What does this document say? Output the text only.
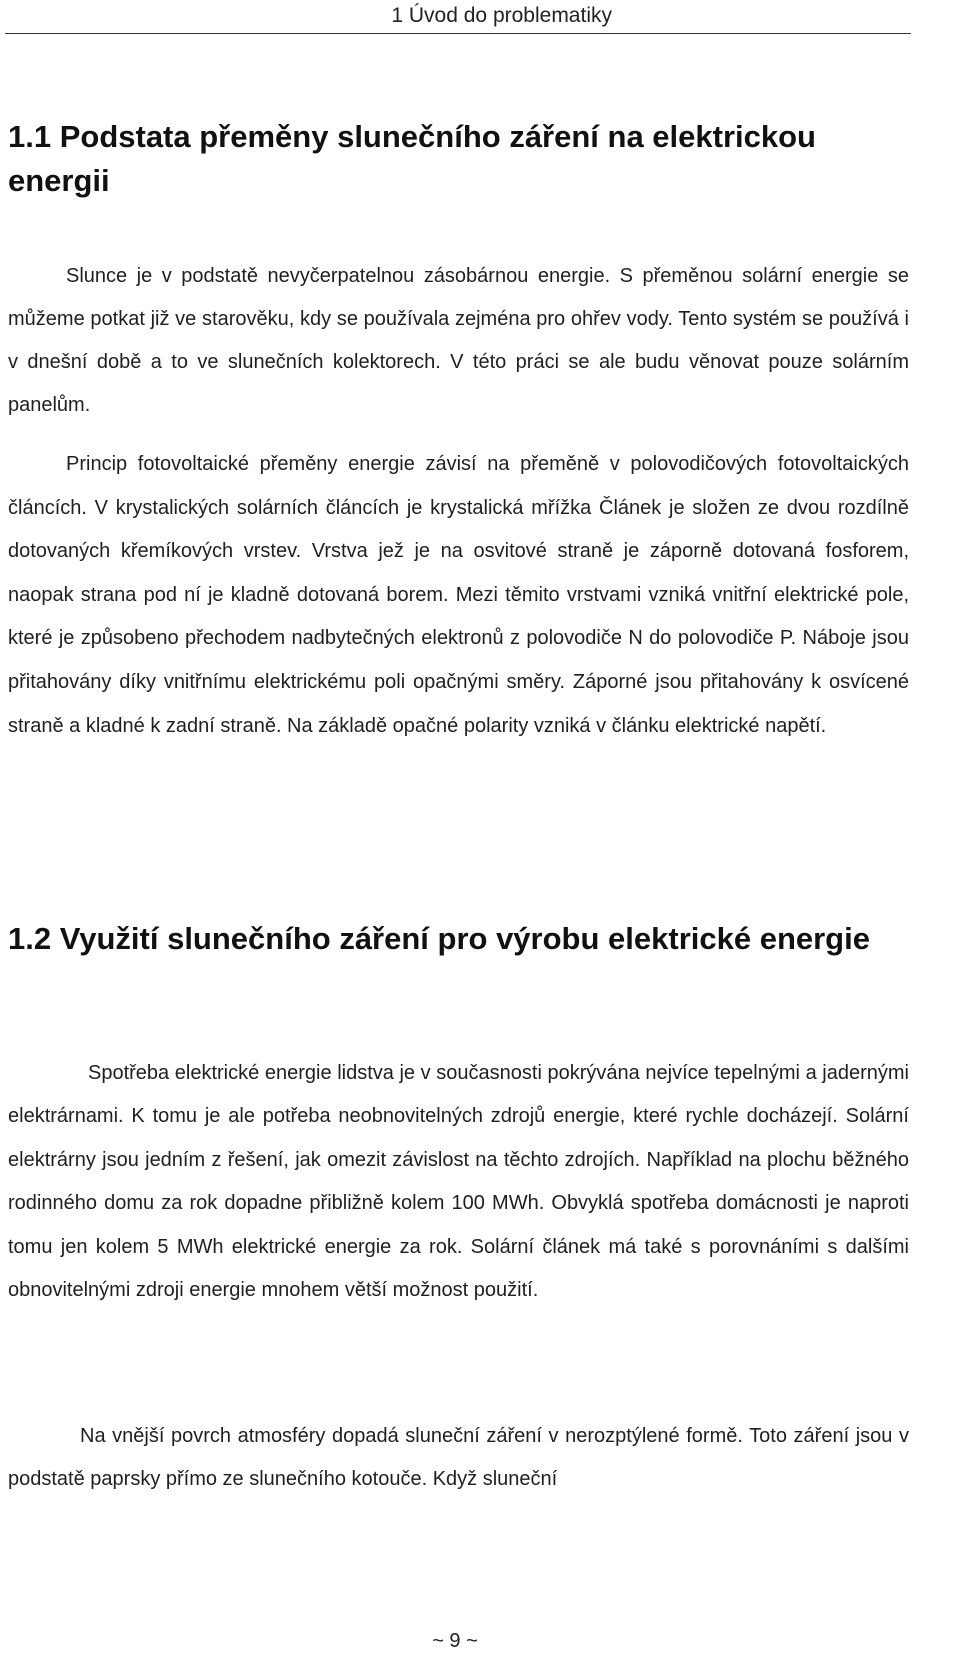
1 Úvod do problematiky
1.1 Podstata přeměny slunečního záření na elektrickou energii

Slunce je v podstatě nevyčerpatelnou zásobárnou energie. S přeměnou solární energie se můžeme potkat již ve starověku, kdy se používala zejména pro ohřev vody. Tento systém se používá i v dnešní době a to ve slunečních kolektorech. V této práci se ale budu věnovat pouze solárním panelům.

Princip fotovoltaické přeměny energie závisí na přeměně v polovodičových fotovoltaických článcích. V krystalických solárních článcích je krystalická mřížka Článek je složen ze dvou rozdílně dotovaných křemíkových vrstev. Vrstva jež je na osvitové straně je záporně dotovaná fosforem, naopak strana pod ní je kladně dotovaná borem. Mezi těmito vrstvami vzniká vnitřní elektrické pole, které je způsobeno přechodem nadbytečných elektronů z polovodiče N do polovodiče P. Náboje jsou přitahovány díky vnitřnímu elektrickému poli opačnými směry. Záporné jsou přitahovány k osvícené straně a kladné k zadní straně. Na základě opačné polarity vzniká v článku elektrické napětí.

1.2 Využití slunečního záření pro výrobu elektrické energie

Spotřeba elektrické energie lidstva je v současnosti pokrývána nejvíce tepelnými a jadernými elektrárnami. K tomu je ale potřeba neobnovitelných zdrojů energie, které rychle docházejí. Solární elektrárny jsou jedním z řešení, jak omezit závislost na těchto zdrojích. Například na plochu běžného rodinného domu za rok dopadne přibližně kolem 100 MWh. Obvyklá spotřeba domácnosti je naproti tomu jen kolem 5 MWh elektrické energie za rok. Solární článek má také s porovnáními s dalšími obnovitelnými zdroji energie mnohem větší možnost použití.

Na vnější povrch atmosféry dopadá sluneční záření v nerozptýlené formě. Toto záření jsou v podstatě paprsky přímo ze slunečního kotouče. Když sluneční

~ 9 ~
